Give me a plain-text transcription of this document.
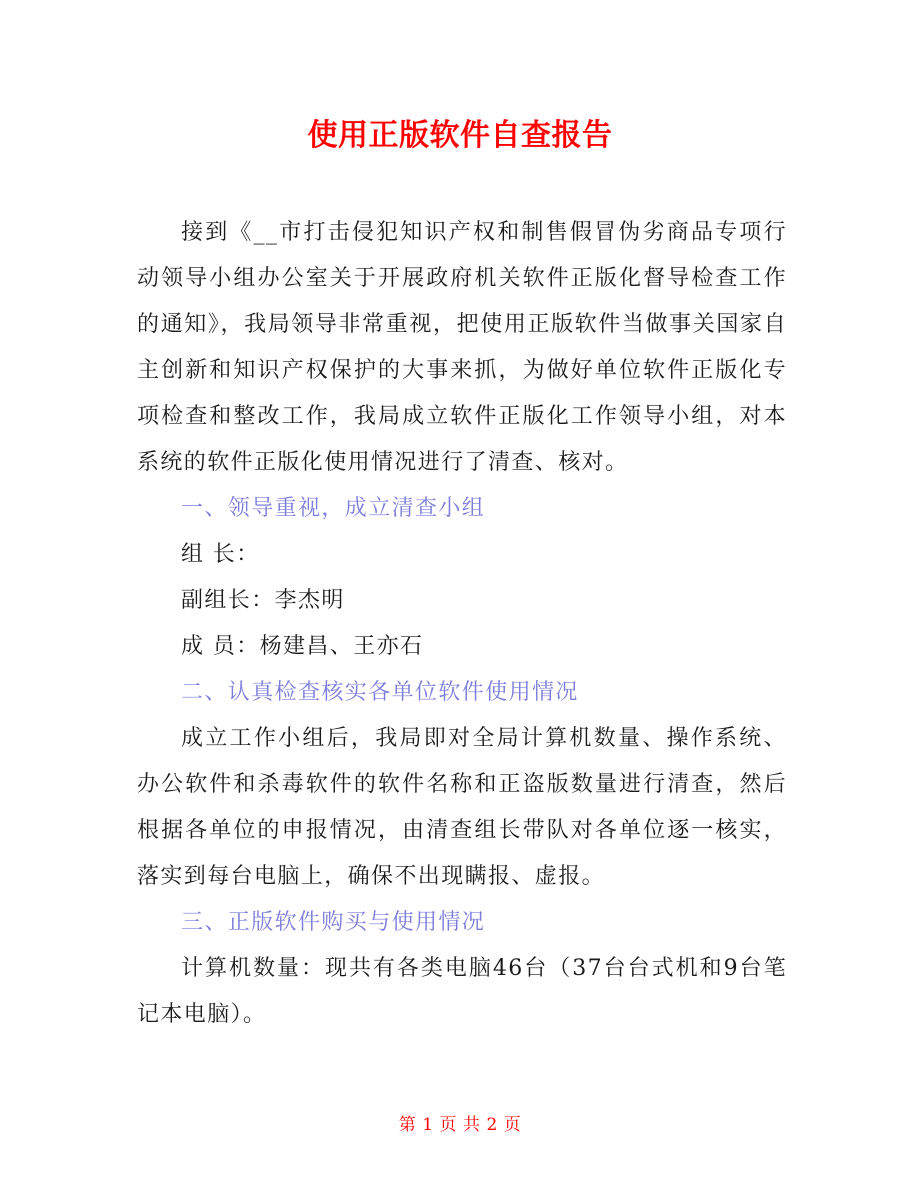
使用正版软件自查报告

接到《__市打击侵犯知识产权和制售假冒伪劣商品专项行动领导小组办公室关于开展政府机关软件正版化督导检查工作的通知》，我局领导非常重视，把使用正版软件当做事关国家自主创新和知识产权保护的大事来抓，为做好单位软件正版化专项检查和整改工作，我局成立软件正版化工作领导小组，对本系统的软件正版化使用情况进行了清查、核对。

一、领导重视，成立清查小组

组 长：

副组长：李杰明

成 员：杨建昌、王亦石

二、认真检查核实各单位软件使用情况

成立工作小组后，我局即对全局计算机数量、操作系统、办公软件和杀毒软件的软件名称和正盗版数量进行清查，然后根据各单位的申报情况，由清查组长带队对各单位逐一核实，落实到每台电脑上，确保不出现瞒报、虚报。

三、正版软件购买与使用情况

计算机数量：现共有各类电脑46台（37台台式机和9台笔记本电脑）。

第 1 页 共 2 页
